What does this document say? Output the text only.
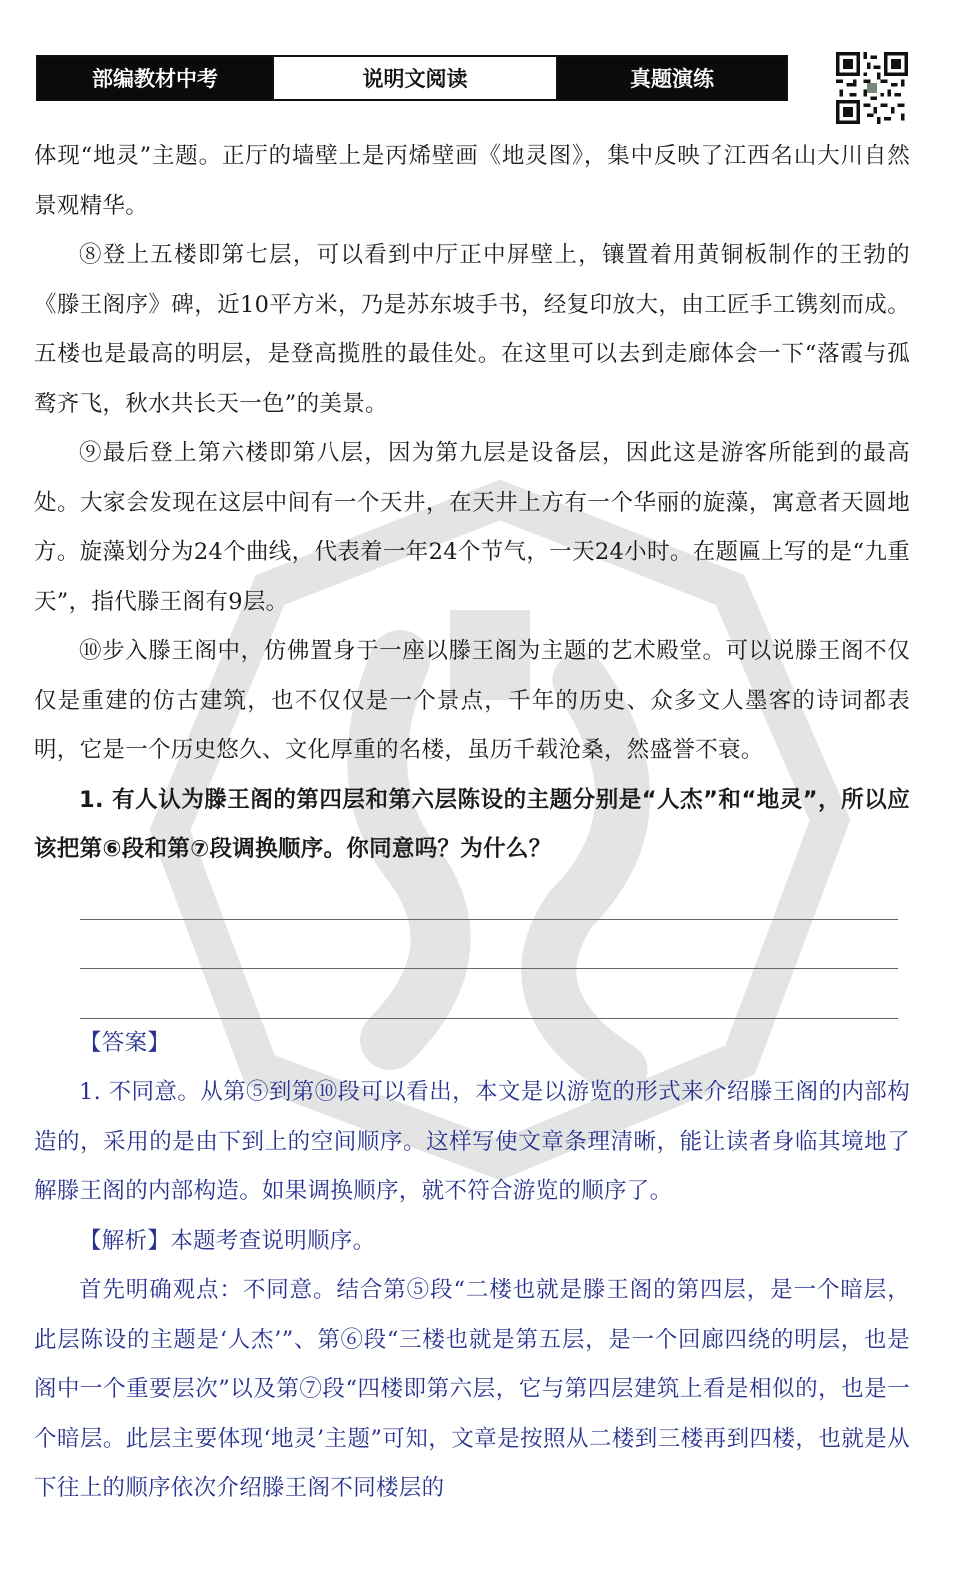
部编教材中考	说明文阅读	真题演练

体现“地灵”主题。正厅的墙壁上是丙烯壁画《地灵图》，集中反映了江西名山大川自然景观精华。

⑧登上五楼即第七层，可以看到中厅正中屏壁上，镶置着用黄铜板制作的王勃的《滕王阁序》碑，近10平方米，乃是苏东坡手书，经复印放大，由工匠手工镌刻而成。五楼也是最高的明层，是登高揽胜的最佳处。在这里可以去到走廊体会一下“落霞与孤鹜齐飞，秋水共长天一色”的美景。

⑨最后登上第六楼即第八层，因为第九层是设备层，因此这是游客所能到的最高处。大家会发现在这层中间有一个天井，在天井上方有一个华丽的旋藻，寓意者天圆地方。旋藻划分为24个曲线，代表着一年24个节气，一天24小时。在题匾上写的是“九重天”，指代滕王阁有9层。

⑩步入滕王阁中，仿佛置身于一座以滕王阁为主题的艺术殿堂。可以说滕王阁不仅仅是重建的仿古建筑，也不仅仅是一个景点，千年的历史、众多文人墨客的诗词都表明，它是一个历史悠久、文化厚重的名楼，虽历千载沧桑，然盛誉不衰。

1. 有人认为滕王阁的第四层和第六层陈设的主题分别是“人杰”和“地灵”，所以应该把第⑥段和第⑦段调换顺序。你同意吗？为什么？

【答案】

1. 不同意。从第⑤到第⑩段可以看出，本文是以游览的形式来介绍滕王阁的内部构造的，采用的是由下到上的空间顺序。这样写使文章条理清晰，能让读者身临其境地了解滕王阁的内部构造。如果调换顺序，就不符合游览的顺序了。

【解析】本题考查说明顺序。

首先明确观点：不同意。结合第⑤段“二楼也就是滕王阁的第四层，是一个暗层，此层陈设的主题是‘人杰’”、第⑥段“三楼也就是第五层，是一个回廊四绕的明层，也是阁中一个重要层次”以及第⑦段“四楼即第六层，它与第四层建筑上看是相似的，也是一个暗层。此层主要体现‘地灵’主题”可知，文章是按照从二楼到三楼再到四楼，也就是从下往上的顺序依次介绍滕王阁不同楼层的
